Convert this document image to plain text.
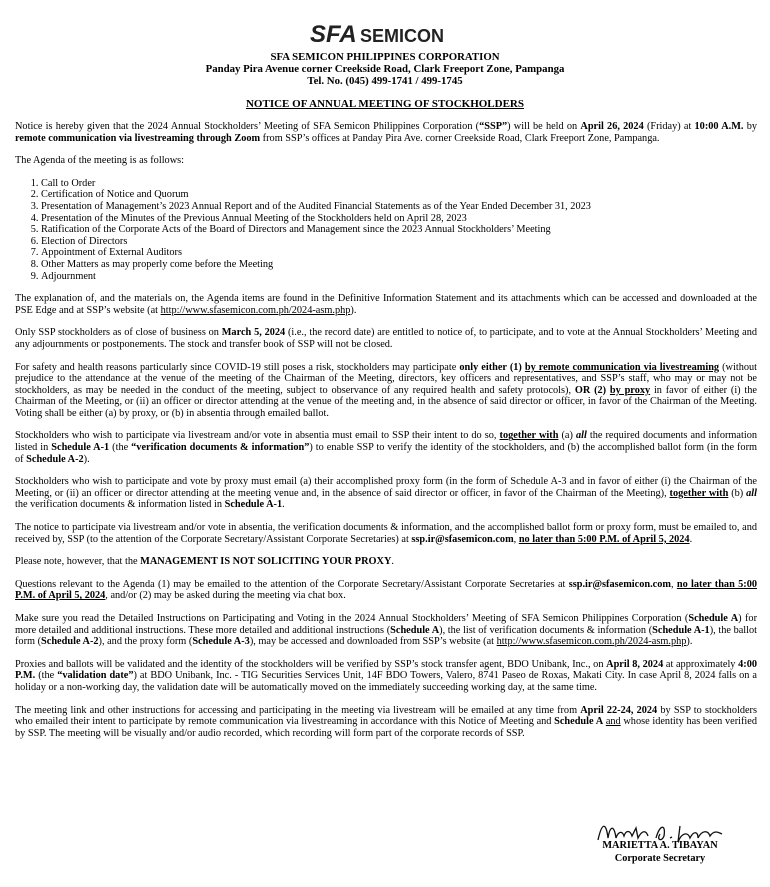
SFA SEMICON
SFA SEMICON PHILIPPINES CORPORATION
Panday Pira Avenue corner Creekside Road, Clark Freeport Zone, Pampanga
Tel. No. (045) 499-1741 / 499-1745
NOTICE OF ANNUAL MEETING OF STOCKHOLDERS

Notice is hereby given that the 2024 Annual Stockholders’ Meeting of SFA Semicon Philippines Corporation (“SSP”) will be held on April 26, 2024 (Friday) at 10:00 A.M. by remote communication via livestreaming through Zoom from SSP’s offices at Panday Pira Ave. corner Creekside Road, Clark Freeport Zone, Pampanga.

The Agenda of the meeting is as follows:

1. Call to Order
2. Certification of Notice and Quorum
3. Presentation of Management’s 2023 Annual Report and of the Audited Financial Statements as of the Year Ended December 31, 2023
4. Presentation of the Minutes of the Previous Annual Meeting of the Stockholders held on April 28, 2023
5. Ratification of the Corporate Acts of the Board of Directors and Management since the 2023 Annual Stockholders’ Meeting
6. Election of Directors
7. Appointment of External Auditors
8. Other Matters as may properly come before the Meeting
9. Adjournment

The explanation of, and the materials on, the Agenda items are found in the Definitive Information Statement and its attachments which can be accessed and downloaded at the PSE Edge and at SSP’s website (at http://www.sfasemicon.com.ph/2024-asm.php).

Only SSP stockholders as of close of business on March 5, 2024 (i.e., the record date) are entitled to notice of, to participate, and to vote at the Annual Stockholders’ Meeting and any adjournments or postponements. The stock and transfer book of SSP will not be closed.

For safety and health reasons particularly since COVID-19 still poses a risk, stockholders may participate only either (1) by remote communication via livestreaming (without prejudice to the attendance at the venue of the meeting of the Chairman of the Meeting, directors, key officers and representatives, and SSP’s staff, who may or may not be stockholders, as may be needed in the conduct of the meeting, subject to observance of any required health and safety protocols), OR (2) by proxy in favor of either (i) the Chairman of the Meeting, or (ii) an officer or director attending at the venue of the meeting and, in the absence of said director or officer, in favor of the Chairman of the Meeting. Voting shall be either (a) by proxy, or (b) in absentia through emailed ballot.

Stockholders who wish to participate via livestream and/or vote in absentia must email to SSP their intent to do so, together with (a) all the required documents and information listed in Schedule A-1 (the “verification documents & information”) to enable SSP to verify the identity of the stockholders, and (b) the accomplished ballot form (in the form of Schedule A-2).

Stockholders who wish to participate and vote by proxy must email (a) their accomplished proxy form (in the form of Schedule A-3 and in favor of either (i) the Chairman of the Meeting, or (ii) an officer or director attending at the meeting venue and, in the absence of said director or officer, in favor of the Chairman of the Meeting), together with (b) all the verification documents & information listed in Schedule A-1.

The notice to participate via livestream and/or vote in absentia, the verification documents & information, and the accomplished ballot form or proxy form, must be emailed to, and received by, SSP (to the attention of the Corporate Secretary/Assistant Corporate Secretaries) at ssp.ir@sfasemicon.com, no later than 5:00 P.M. of April 5, 2024.

Please note, however, that the MANAGEMENT IS NOT SOLICITING YOUR PROXY.

Questions relevant to the Agenda (1) may be emailed to the attention of the Corporate Secretary/Assistant Corporate Secretaries at ssp.ir@sfasemicon.com, no later than 5:00 P.M. of April 5, 2024, and/or (2) may be asked during the meeting via chat box.

Make sure you read the Detailed Instructions on Participating and Voting in the 2024 Annual Stockholders’ Meeting of SFA Semicon Philippines Corporation (Schedule A) for more detailed and additional instructions. These more detailed and additional instructions (Schedule A), the list of verification documents & information (Schedule A-1), the ballot form (Schedule A-2), and the proxy form (Schedule A-3), may be accessed and downloaded from SSP’s website (at http://www.sfasemicon.com.ph/2024-asm.php).

Proxies and ballots will be validated and the identity of the stockholders will be verified by SSP’s stock transfer agent, BDO Unibank, Inc., on April 8, 2024 at approximately 4:00 P.M. (the “validation date”) at BDO Unibank, Inc. - TIG Securities Services Unit, 14F BDO Towers, Valero, 8741 Paseo de Roxas, Makati City. In case April 8, 2024 falls on a holiday or a non-working day, the validation date will be automatically moved on the immediately succeeding working day, at the same time.

The meeting link and other instructions for accessing and participating in the meeting via livestream will be emailed at any time from April 22-24, 2024 by SSP to stockholders who emailed their intent to participate by remote communication via livestreaming in accordance with this Notice of Meeting and Schedule A and whose identity has been verified by SSP. The meeting will be visually and/or audio recorded, which recording will form part of the corporate records of SSP.

MARIETTA A. TIBAYAN
Corporate Secretary
